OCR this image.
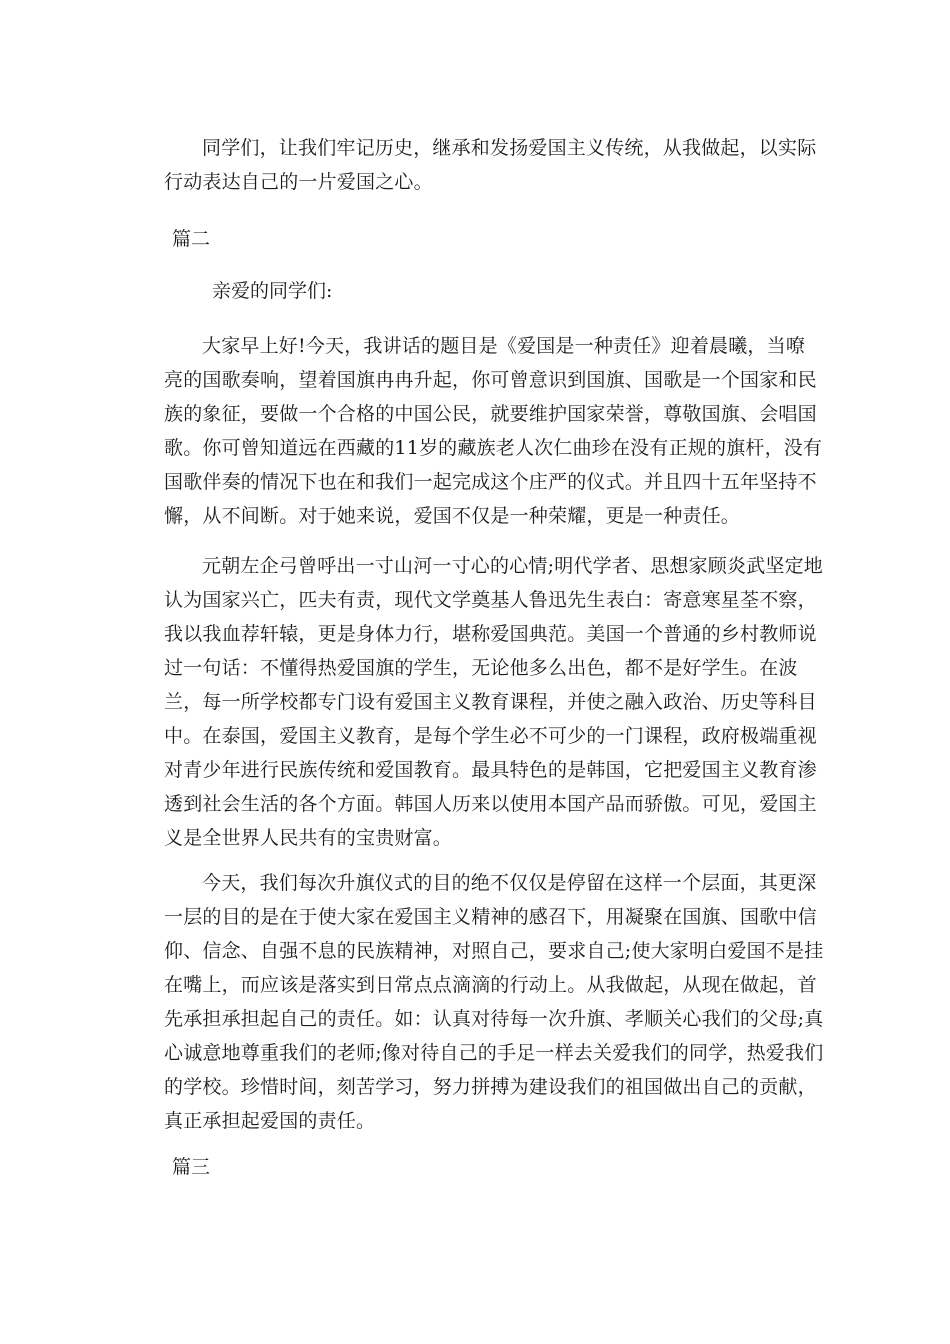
同学们，让我们牢记历史，继承和发扬爱国主义传统，从我做起，以实际行动表达自己的一片爱国之心。

篇二

亲爱的同学们:

大家早上好!今天，我讲话的题目是《爱国是一种责任》迎着晨曦，当嘹亮的国歌奏响，望着国旗冉冉升起，你可曾意识到国旗、国歌是一个国家和民族的象征，要做一个合格的中国公民，就要维护国家荣誉，尊敬国旗、会唱国歌。你可曾知道远在西藏的11岁的藏族老人次仁曲珍在没有正规的旗杆，没有国歌伴奏的情况下也在和我们一起完成这个庄严的仪式。并且四十五年坚持不懈，从不间断。对于她来说，爱国不仅是一种荣耀，更是一种责任。

元朝左企弓曾呼出一寸山河一寸心的心情;明代学者、思想家顾炎武坚定地认为国家兴亡，匹夫有责，现代文学奠基人鲁迅先生表白：寄意寒星荃不察，我以我血荐轩辕，更是身体力行，堪称爱国典范。美国一个普通的乡村教师说过一句话：不懂得热爱国旗的学生，无论他多么出色，都不是好学生。在波兰，每一所学校都专门设有爱国主义教育课程，并使之融入政治、历史等科目中。在泰国，爱国主义教育，是每个学生必不可少的一门课程，政府极端重视对青少年进行民族传统和爱国教育。最具特色的是韩国，它把爱国主义教育渗透到社会生活的各个方面。韩国人历来以使用本国产品而骄傲。可见，爱国主义是全世界人民共有的宝贵财富。

今天，我们每次升旗仪式的目的绝不仅仅是停留在这样一个层面，其更深一层的目的是在于使大家在爱国主义精神的感召下，用凝聚在国旗、国歌中信仰、信念、自强不息的民族精神，对照自己，要求自己;使大家明白爱国不是挂在嘴上，而应该是落实到日常点点滴滴的行动上。从我做起，从现在做起，首先承担承担起自己的责任。如：认真对待每一次升旗、孝顺关心我们的父母;真心诚意地尊重我们的老师;像对待自己的手足一样去关爱我们的同学，热爱我们的学校。珍惜时间，刻苦学习，努力拼搏为建设我们的祖国做出自己的贡献，真正承担起爱国的责任。

篇三
